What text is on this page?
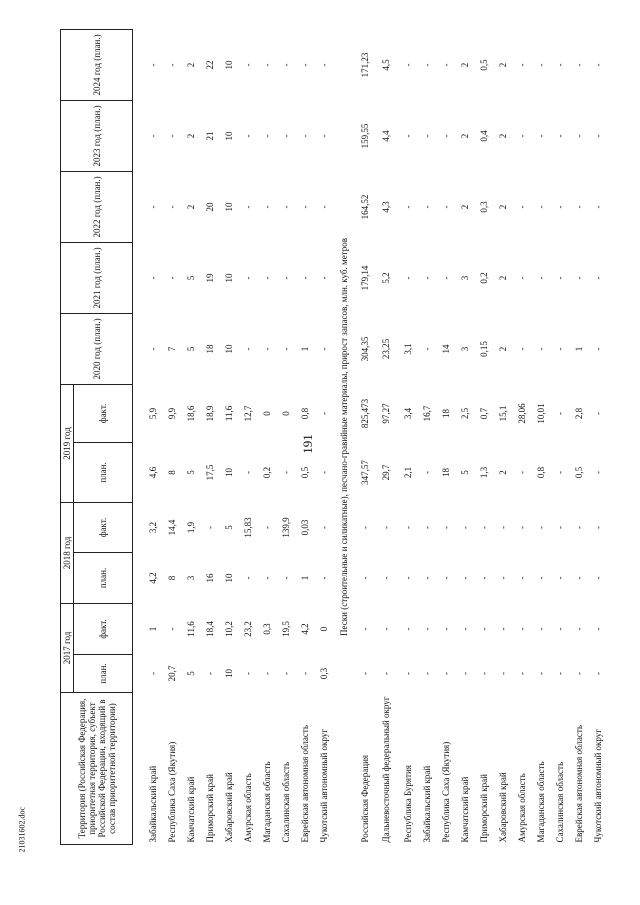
191
21031602.doc	Территория (Российская Федерация, приоритетная территория, субъект Российской Федерации, входящий в состав приоритетной территории)	2017 год		2018 год		2019 год		2020 год (план.)	2021 год (план.)	2022 год (план.)	2023 год (план.)	2024 год (план.)
	план.	факт.	план.	факт.	план.	факт.					

Забайкальский край	-	1	4,2	3,2	4,6	5,9	-	-	-	-	-
Республика Саха (Якутия)	20,7	-	8	14,4	8	9,9	7	-	-	-	-
Камчатский край	5	11,6	3	1,9	5	18,6	5	5	2	2	2
Приморский край	-	18,4	16	-	17,5	18,9	18	19	20	21	22
Хабаровский край	10	10,2	10	5	10	11,6	10	10	10	10	10
Амурская область	-	23,2	-	15,83	-	12,7	-	-	-	-	-
Магаданская область	-	0,3	-	-	0,2	0	-	-	-	-	-
Сахалинская область	-	19,5	-	139,9	-	0	-	-	-	-	-
Еврейская автономная область	-	4,2	1	0,03	0,5	0,8	1	-	-	-	-
Чукотский автономный округ	0,3	0	-	-	-	-	-	-	-	-	-
Пески (строительные и силикатные), песчано-гравийные материалы, прирост запасов, млн. куб. метров											
Российская Федерация	-	-	-	-	347,57	825,473	304,35	179,14	164,52	159,55	171,23
Дальневосточный федеральный округ	-	-	-	-	29,7	97,27	23,25	5,2	4,3	4,4	4,5
Республика Бурятия	-	-	-	-	2,1	3,4	3,1	-	-	-	-
Забайкальский край	-	-	-	-	-	16,7	-	-	-	-	-
Республика Саха (Якутия)	-	-	-	-	18	18	14	-	-	-	-
Камчатский край	-	-	-	-	5	2,5	3	3	2	2	2
Приморский край	-	-	-	-	1,3	0,7	0,15	0,2	0,3	0,4	0,5
Хабаровский край	-	-	-	-	2	15,1	2	2	2	2	2
Амурская область	-	-	-	-	-	28,06	-	-	-	-	-
Магаданская область	-	-	-	-	0,8	10,01	-	-	-	-	-
Сахалинская область	-	-	-	-	-	-	-	-	-	-	-
Еврейская автономная область	-	-	-	-	0,5	2,8	1	-	-	-	-
Чукотский автономный округ	-	-	-	-	-	-	-	-	-	-	-
